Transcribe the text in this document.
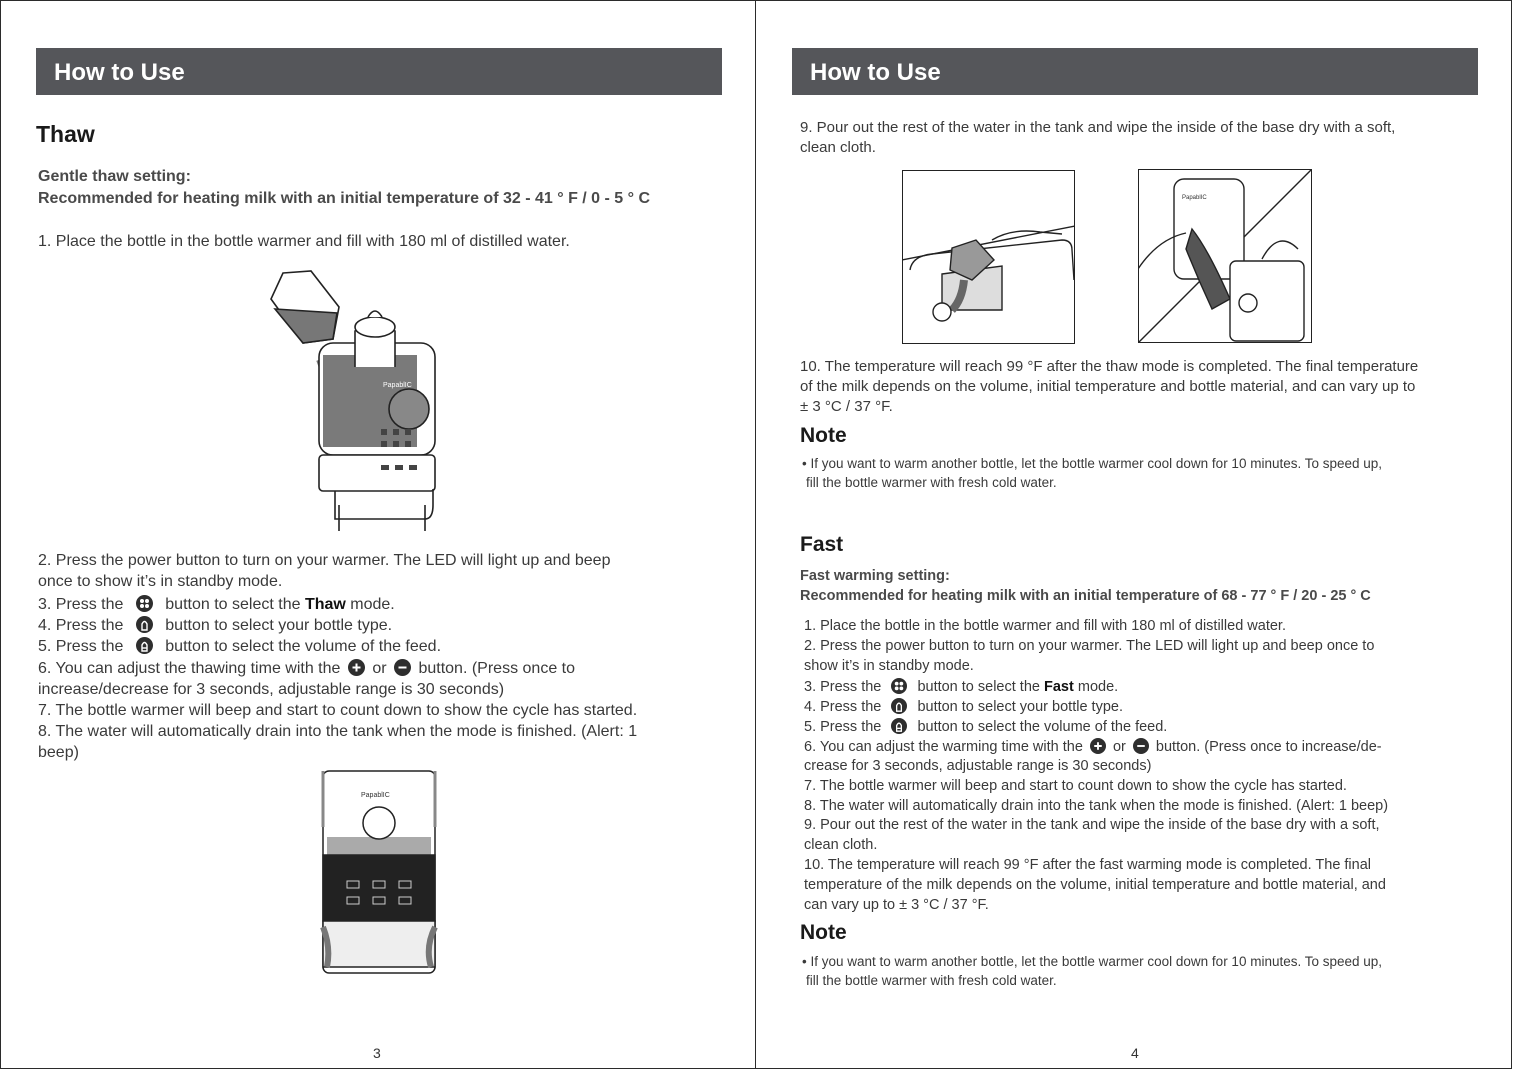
How to Use
Thaw
Gentle thaw setting:
Recommended for heating milk with an initial temperature of 32 - 41 ° F / 0 - 5 ° C
1. Place the bottle in the bottle warmer and fill with 180 ml of distilled water.
PapablIC
2. Press the power button to turn on your warmer. The LED will light up and beep
once to show it’s in standby mode.
3. Press the	button to select the Thaw mode.
4. Press the	button to select your bottle type.
5. Press the	button to select the volume of the feed.
6. You can adjust the thawing time with the or button. (Press once to
increase/decrease for 3 seconds, adjustable range is 30 seconds)
7. The bottle warmer will beep and start to count down to show the cycle has started.
8. The water will automatically drain into the tank when the mode is finished. (Alert: 1
beep)
PapablIC
3
How to Use
9. Pour out the rest of the water in the tank and wipe the inside of the base dry with a soft,
clean cloth.
PapablIC
10. The temperature will reach 99 °F after the thaw mode is completed. The final temperature
of the milk depends on the volume, initial temperature and bottle material, and can vary up to
± 3 °C / 37 °F.
Note
• If you want to warm another bottle, let the bottle warmer cool down for 10 minutes. To speed up,
fill the bottle warmer with fresh cold water.
Fast
Fast warming setting:
Recommended for heating milk with an initial temperature of 68 - 77 ° F / 20 - 25 ° C
1. Place the bottle in the bottle warmer and fill with 180 ml of distilled water.
2. Press the power button to turn on your warmer. The LED will light up and beep once to
show it’s in standby mode.
3. Press the button to select the Fast mode.
4. Press the button to select your bottle type.
5. Press the button to select the volume of the feed.
6. You can adjust the warming time with the or button. (Press once to increase/de-
crease for 3 seconds, adjustable range is 30 seconds)
7. The bottle warmer will beep and start to count down to show the cycle has started.
8. The water will automatically drain into the tank when the mode is finished. (Alert: 1 beep)
9. Pour out the rest of the water in the tank and wipe the inside of the base dry with a soft,
clean cloth.
10. The temperature will reach 99 °F after the fast warming mode is completed. The final
temperature of the milk depends on the volume, initial temperature and bottle material, and
can vary up to ± 3 °C / 37 °F.
Note
• If you want to warm another bottle, let the bottle warmer cool down for 10 minutes. To speed up,
fill the bottle warmer with fresh cold water.
4
